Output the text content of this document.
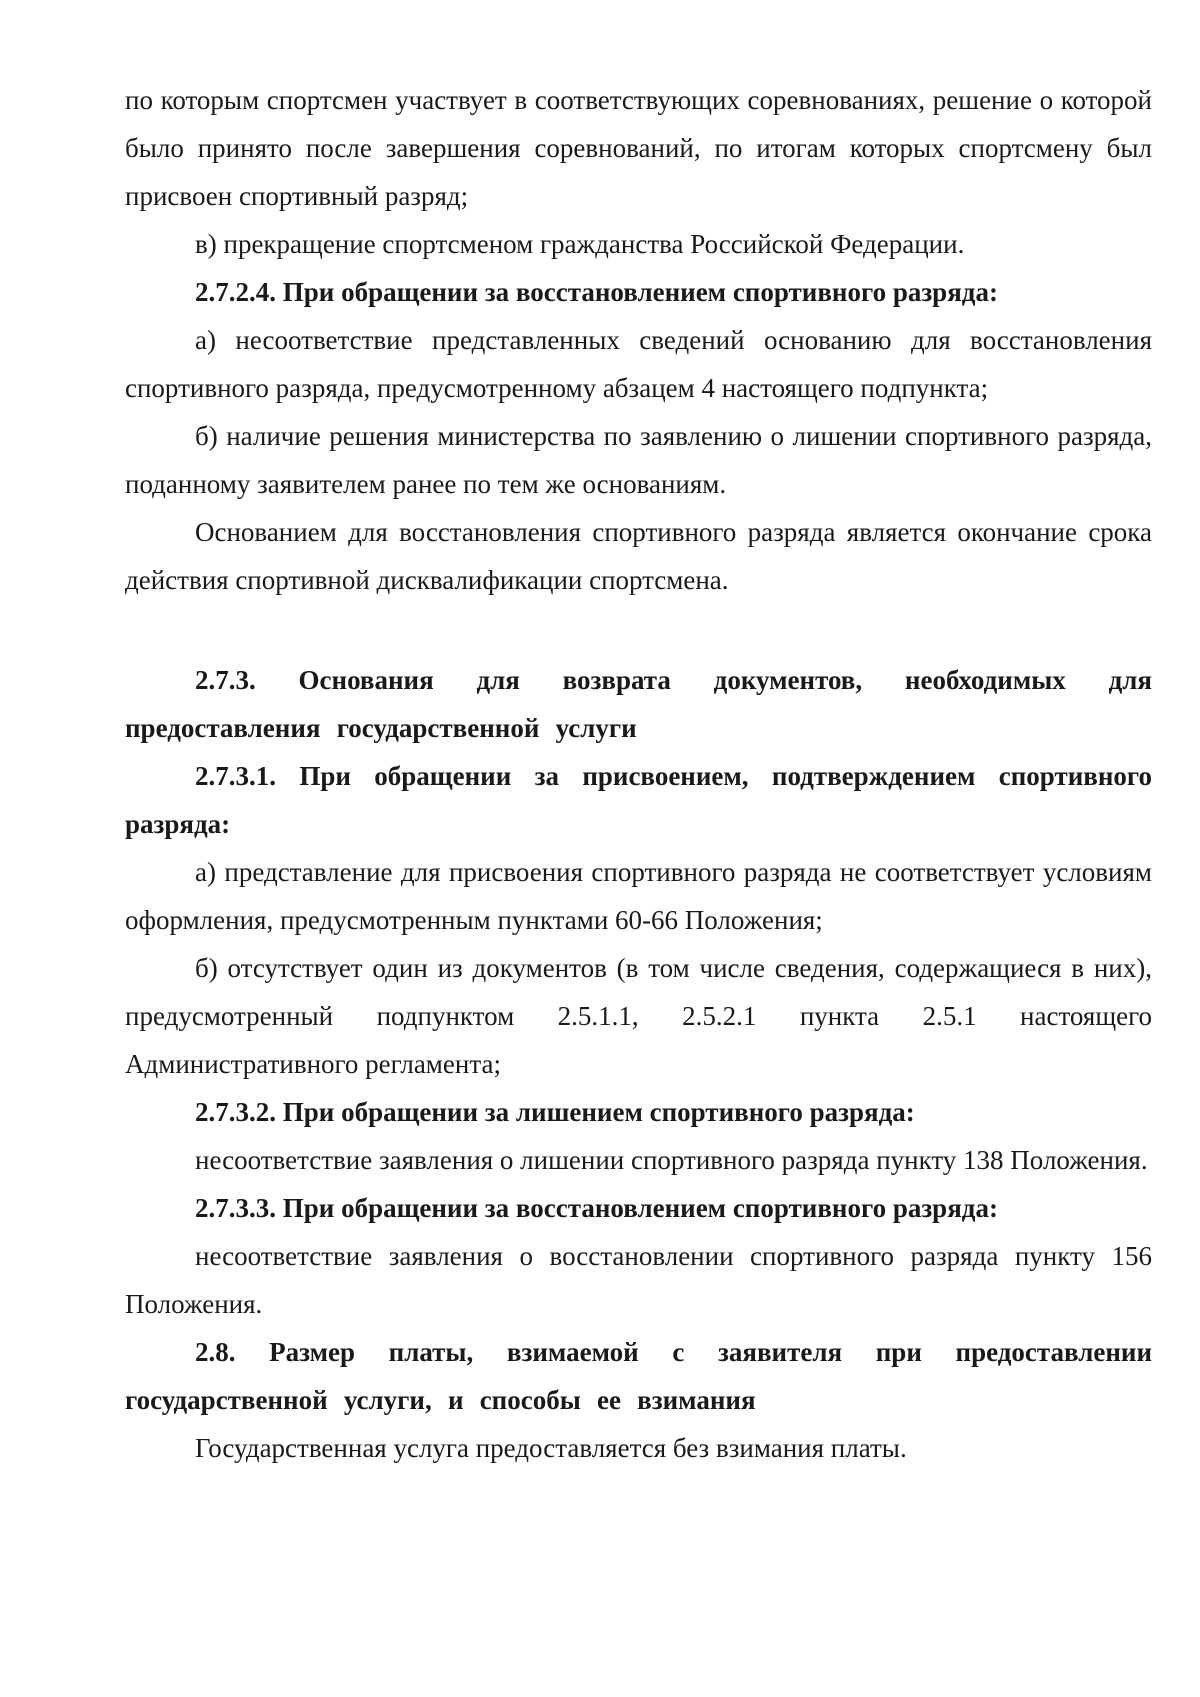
по которым спортсмен участвует в соответствующих соревнованиях, решение о которой было принято после завершения соревнований, по итогам которых спортсмену был присвоен спортивный разряд;

в) прекращение спортсменом гражданства Российской Федерации.

2.7.2.4. При обращении за восстановлением спортивного разряда:

а) несоответствие представленных сведений основанию для восстановления спортивного разряда, предусмотренному абзацем 4 настоящего подпункта;

б) наличие решения министерства по заявлению о лишении спортивного разряда, поданному заявителем ранее по тем же основаниям.

Основанием для восстановления спортивного разряда является окончание срока действия спортивной дисквалификации спортсмена.

2.7.3. Основания для возврата документов, необходимых для предоставления государственной услуги

2.7.3.1. При обращении за присвоением, подтверждением спортивного разряда:

а) представление для присвоения спортивного разряда не соответствует условиям оформления, предусмотренным пунктами 60-66 Положения;

б) отсутствует один из документов (в том числе сведения, содержащиеся в них), предусмотренный подпунктом 2.5.1.1, 2.5.2.1 пункта 2.5.1 настоящего Административного регламента;

2.7.3.2. При обращении за лишением спортивного разряда:

несоответствие заявления о лишении спортивного разряда пункту 138 Положения.

2.7.3.3. При обращении за восстановлением спортивного разряда:

несоответствие заявления о восстановлении спортивного разряда пункту 156 Положения.

2.8. Размер платы, взимаемой с заявителя при предоставлении государственной услуги, и способы ее взимания

Государственная услуга предоставляется без взимания платы.
